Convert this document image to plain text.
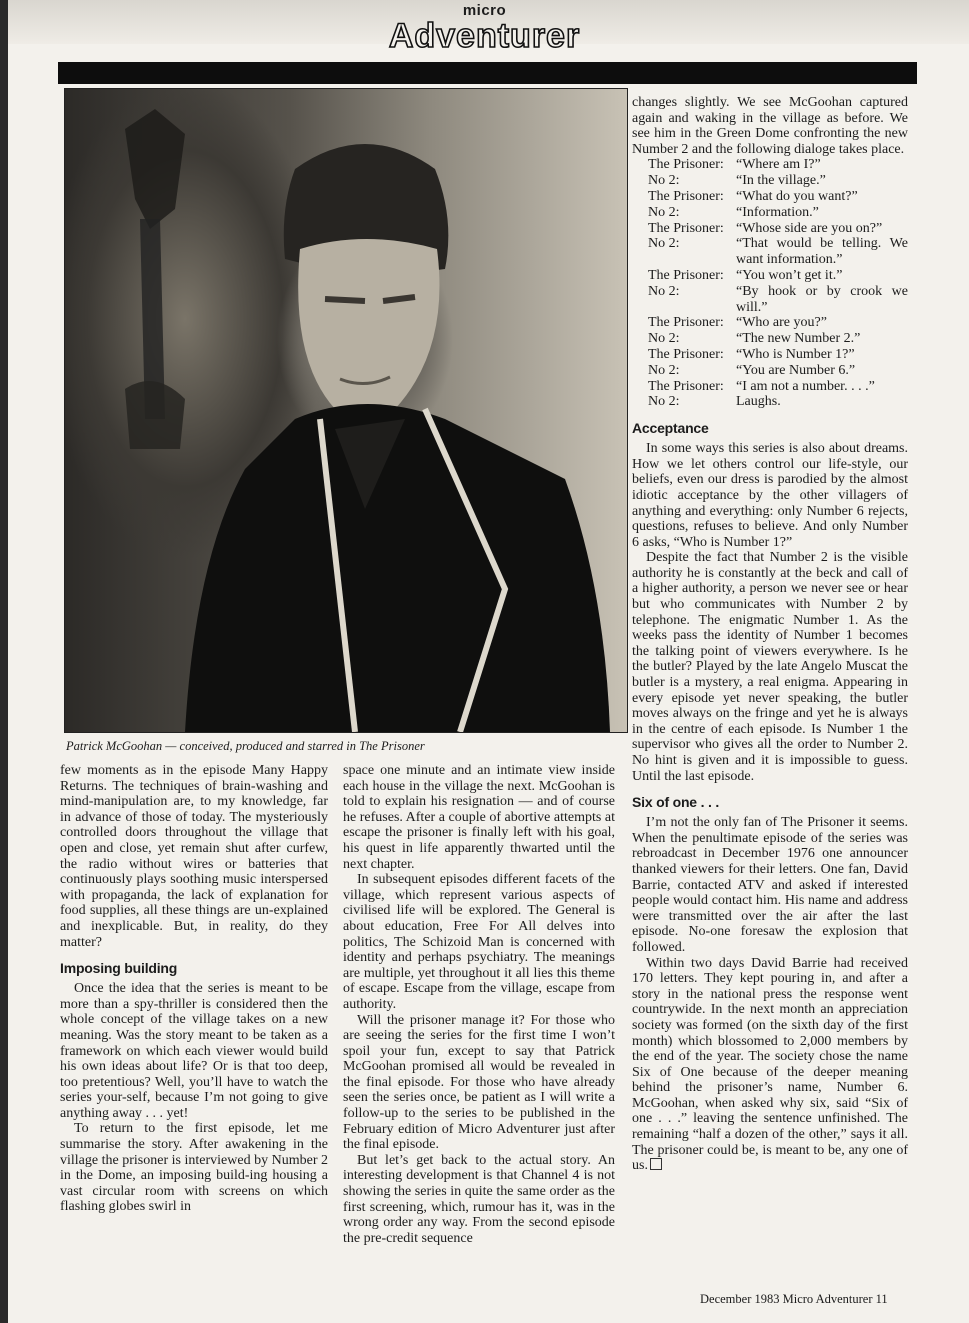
micro
Adventurer
Patrick McGoohan — conceived, produced and starred in The Prisoner

few moments as in the episode Many Happy Returns. The techniques of brain-washing and mind-manipulation are, to my knowledge, far in advance of those of today. The mysteriously controlled doors throughout the village that open and close, yet remain shut after curfew, the radio without wires or batteries that continuously plays soothing music interspersed with propaganda, the lack of explanation for food supplies, all these things are un-explained and inexplicable. But, in reality, do they matter?

Imposing building

Once the idea that the series is meant to be more than a spy-thriller is considered then the whole concept of the village takes on a new meaning. Was the story meant to be taken as a framework on which each viewer would build his own ideas about life? Or is that too deep, too pretentious? Well, you’ll have to watch the series your-self, because I’m not going to give anything away . . . yet!

To return to the first episode, let me summarise the story. After awakening in the village the prisoner is interviewed by Number 2 in the Dome, an imposing build-ing housing a vast circular room with screens on which flashing globes swirl in

space one minute and an intimate view inside each house in the village the next. McGoohan is told to explain his resignation — and of course he refuses. After a couple of abortive attempts at escape the prisoner is finally left with his goal, his quest in life apparently thwarted until the next chapter.

In subsequent episodes different facets of the village, which represent various aspects of civilised life will be explored. The General is about education, Free For All delves into politics, The Schizoid Man is concerned with identity and perhaps psychiatry. The meanings are multiple, yet throughout it all lies this theme of escape. Escape from the village, escape from authority.

Will the prisoner manage it? For those who are seeing the series for the first time I won’t spoil your fun, except to say that Patrick McGoohan promised all would be revealed in the final episode. For those who have already seen the series once, be patient as I will write a follow-up to the series to be published in the February edition of Micro Adventurer just after the final episode.

But let’s get back to the actual story. An interesting development is that Channel 4 is not showing the series in quite the same order as the first screening, which, rumour has it, was in the wrong order any way. From the second episode the pre-credit sequence

changes slightly. We see McGoohan captured again and waking in the village as before. We see him in the Green Dome confronting the new Number 2 and the following dialoge takes place.

The Prisoner: “Where am I?”
No 2:	“In the village.”
The Prisoner: “What do you want?”
No 2:	“Information.”
The Prisoner: “Whose side are you on?”
No 2:	“That would be telling. We want information.”
The Prisoner: “You won’t get it.”
No 2:	“By hook or by crook we will.”
The Prisoner: “Who are you?”
No 2:	“The new Number 2.”
The Prisoner: “Who is Number 1?”
No 2:	“You are Number 6.”
The Prisoner: “I am not a number. . . .”
No 2:	Laughs.
Acceptance

In some ways this series is also about dreams. How we let others control our life-style, our beliefs, even our dress is parodied by the almost idiotic acceptance by the other villagers of anything and everything: only Number 6 rejects, questions, refuses to believe. And only Number 6 asks, “Who is Number 1?”

Despite the fact that Number 2 is the visible authority he is constantly at the beck and call of a higher authority, a person we never see or hear but who communicates with Number 2 by telephone. The enigmatic Number 1. As the weeks pass the identity of Number 1 becomes the talking point of viewers everywhere. Is he the butler? Played by the late Angelo Muscat the butler is a mystery, a real enigma. Appearing in every episode yet never speaking, the butler moves always on the fringe and yet he is always in the centre of each episode. Is Number 1 the supervisor who gives all the order to Number 2. No hint is given and it is impossible to guess. Until the last episode.

Six of one . . .

I’m not the only fan of The Prisoner it seems. When the penultimate episode of the series was rebroadcast in December 1976 one announcer thanked viewers for their letters. One fan, David Barrie, contacted ATV and asked if interested people would contact him. His name and address were transmitted over the air after the last episode. No-one foresaw the explosion that followed.

Within two days David Barrie had received 170 letters. They kept pouring in, and after a story in the national press the response went countrywide. In the next month an appreciation society was formed (on the sixth day of the first month) which blossomed to 2,000 members by the end of the year. The society chose the name Six of One because of the deeper meaning behind the prisoner’s name, Number 6. McGoohan, when asked why six, said “Six of one . . .” leaving the sentence unfinished. The remaining “half a dozen of the other,” says it all. The prisoner could be, is meant to be, any one of us.

December 1983 Micro Adventurer 11
